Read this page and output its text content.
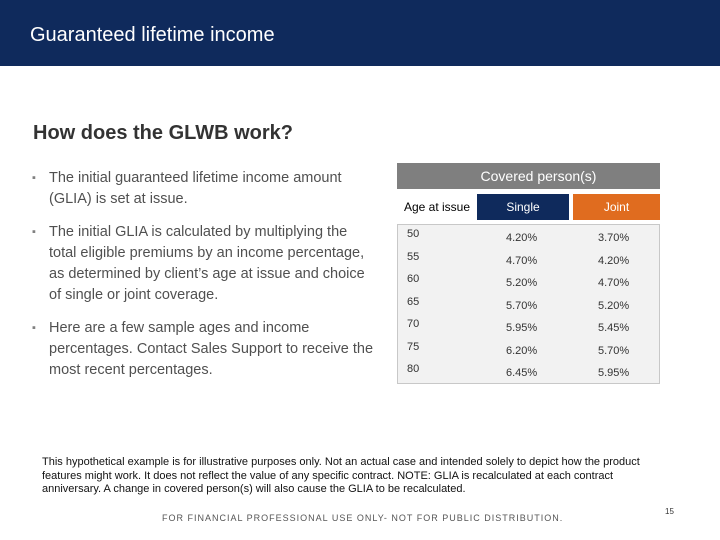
Guaranteed lifetime income
How does the GLWB work?
▪ The initial guaranteed lifetime income amount (GLIA) is set at issue.
▪ The initial GLIA is calculated by multiplying the total eligible premiums by an income percentage, as determined by client’s age at issue and choice of single or joint coverage.
▪ Here are a few sample ages and income percentages. Contact Sales Support to receive the most recent percentages.
Covered person(s)
Age at issue	Single	Joint
50	4.20%	3.70%
55	4.70%	4.20%
60	5.20%	4.70%
65	5.70%	5.20%
70	5.95%	5.45%
75	6.20%	5.70%
80	6.45%	5.95%
This hypothetical example is for illustrative purposes only. Not an actual case and intended solely to depict how the product features might work. It does not reflect the value of any specific contract. NOTE: GLIA is recalculated at each contract anniversary. A change in covered person(s) will also cause the GLIA to be recalculated.
FOR FINANCIAL PROFESSIONAL USE ONLY- NOT FOR PUBLIC DISTRIBUTION.
15
